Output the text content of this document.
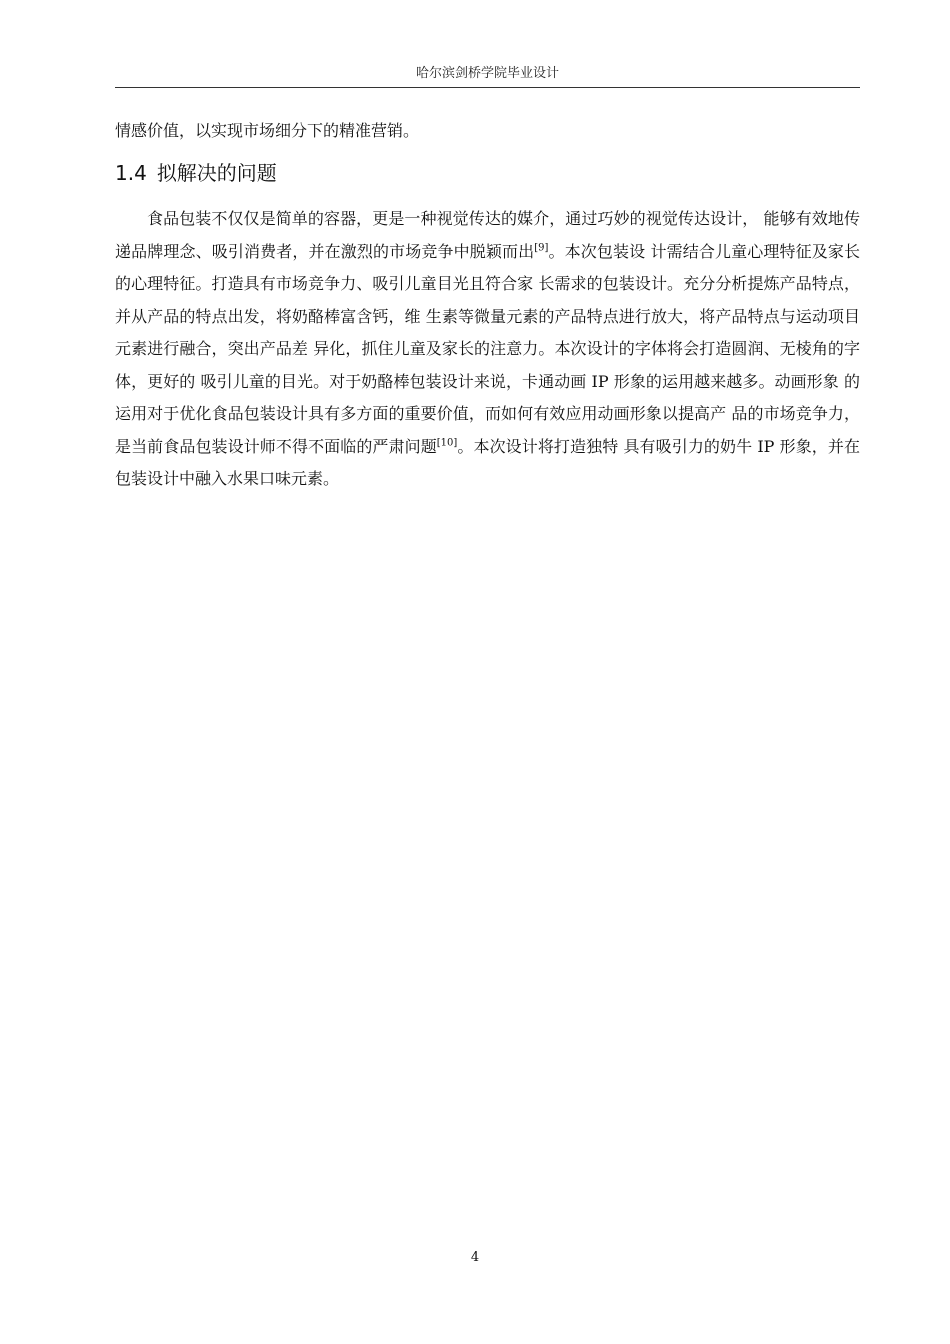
哈尔滨剑桥学院毕业设计
情感价值，以实现市场细分下的精准营销。
1.4 拟解决的问题

食品包装不仅仅是简单的容器，更是一种视觉传达的媒介，通过巧妙的视觉传达设计， 能够有效地传递品牌理念、吸引消费者，并在激烈的市场竞争中脱颖而出[9]。本次包装设 计需结合儿童心理特征及家长的心理特征。打造具有市场竞争力、吸引儿童目光且符合家 长需求的包装设计。充分分析提炼产品特点，并从产品的特点出发，将奶酪棒富含钙，维 生素等微量元素的产品特点进行放大，将产品特点与运动项目元素进行融合，突出产品差 异化，抓住儿童及家长的注意力。本次设计的字体将会打造圆润、无棱角的字体，更好的 吸引儿童的目光。对于奶酪棒包装设计来说，卡通动画 IP 形象的运用越来越多。动画形象 的运用对于优化食品包装设计具有多方面的重要价值，而如何有效应用动画形象以提高产 品的市场竞争力，是当前食品包装设计师不得不面临的严肃问题[10]。本次设计将打造独特 具有吸引力的奶牛 IP 形象，并在包装设计中融入水果口味元素。

4
